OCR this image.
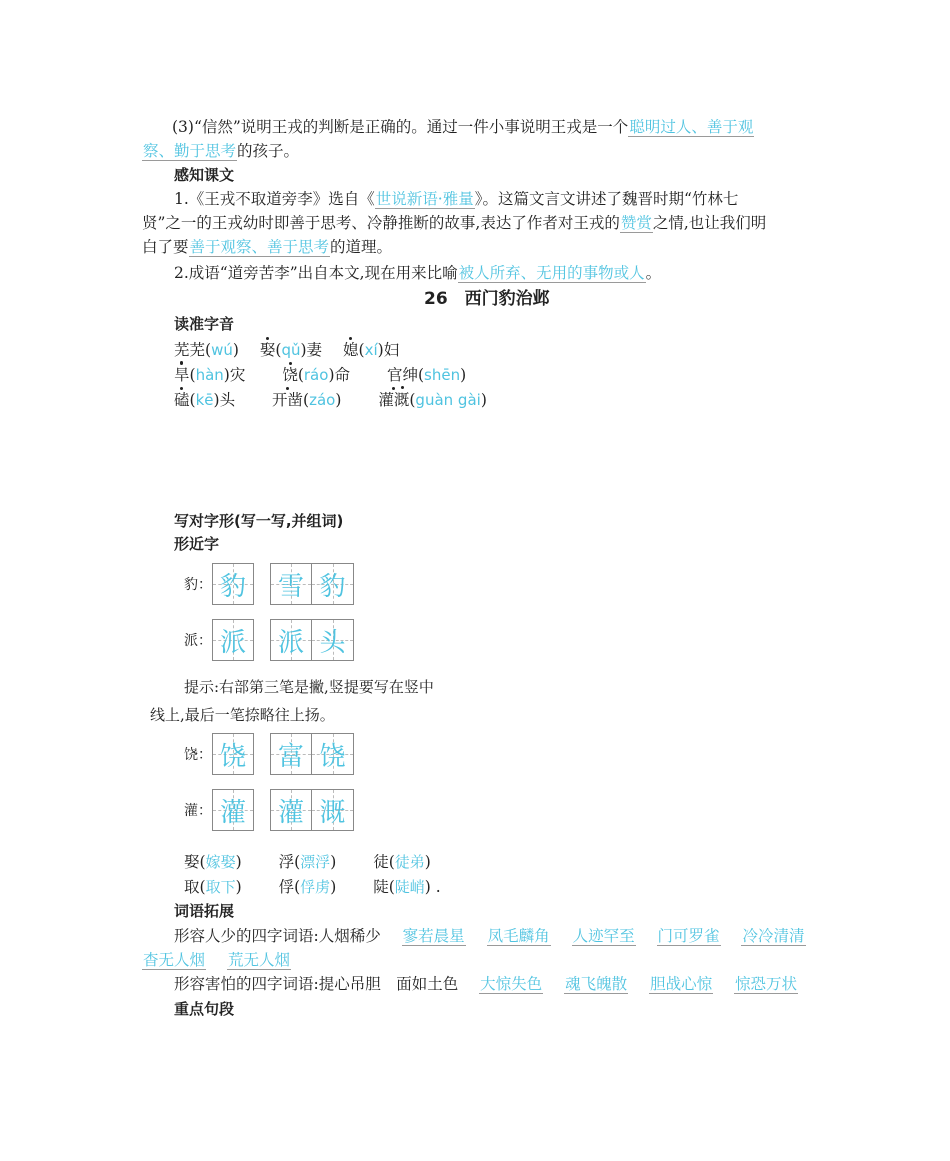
(3)“信然”说明王戎的判断是正确的。通过一件小事说明王戎是一个聪明过人、善于观
察、勤于思考的孩子。
感知课文
1.《王戎不取道旁李》选自《世说新语·雅量》。这篇文言文讲述了魏晋时期“竹林七
贤”之一的王戎幼时即善于思考、冷静推断的故事,表达了作者对王戎的赞赏之情,也让我们明
白了要善于观察、善于思考的道理。
2.成语“道旁苦李”出自本文,现在用来比喻被人所弃、无用的事物或人。
26　西门豹治邺
读准字音
芜芜(wú) 娶(qǔ)妻 媳(xí)妇
旱(hàn)灾 饶(ráo)命 官绅(shēn)
磕(kē)头 开凿(záo) 灌溉(guàn gài)
写对字形(写一写,并组词)
形近字
豹： 豹 雪 豹
派： 派 派 头
提示:右部第三笔是撇,竖提要写在竖中
线上,最后一笔捺略往上扬。
饶： 饶 富 饶
灌： 灌 灌 溉
娶(嫁娶) 浮(漂浮) 徒(徒弟)
取(取下) 俘(俘虏) 陡(陡峭) .
词语拓展
形容人少的四字词语:人烟稀少 寥若晨星 凤毛麟角 人迹罕至 门可罗雀 冷冷清清
杳无人烟 荒无人烟
形容害怕的四字词语:提心吊胆　面如土色 大惊失色 魂飞魄散 胆战心惊 惊恐万状
重点句段
